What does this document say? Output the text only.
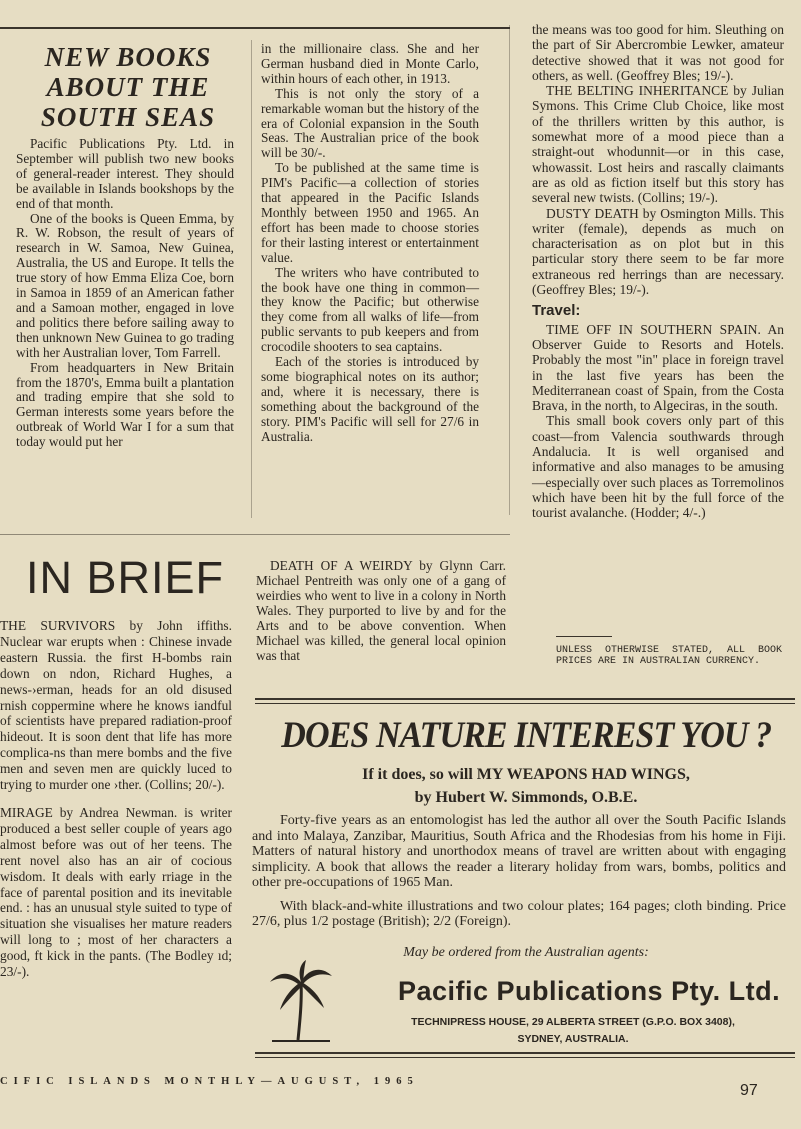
NEW BOOKS
ABOUT THE
SOUTH SEAS

Pacific Publications Pty. Ltd. in September will publish two new books of general-reader interest. They should be available in Islands bookshops by the end of that month.

One of the books is Queen Emma, by R. W. Robson, the result of years of research in W. Samoa, New Guinea, Australia, the US and Europe. It tells the true story of how Emma Eliza Coe, born in Samoa in 1859 of an American father and a Samoan mother, engaged in love and politics there before sailing away to then unknown New Guinea to go trading with her Australian lover, Tom Farrell.

From headquarters in New Britain from the 1870's, Emma built a plantation and trading empire that she sold to German interests some years before the outbreak of World War I for a sum that today would put her

in the millionaire class. She and her German husband died in Monte Carlo, within hours of each other, in 1913.

This is not only the story of a remarkable woman but the history of the era of Colonial expansion in the South Seas. The Australian price of the book will be 30/-.

To be published at the same time is PIM's Pacific—a collection of stories that appeared in the Pacific Islands Monthly between 1950 and 1965. An effort has been made to choose stories for their lasting interest or entertainment value.

The writers who have contributed to the book have one thing in common—they know the Pacific; but otherwise they come from all walks of life—from public servants to pub keepers and from crocodile shooters to sea captains.

Each of the stories is introduced by some biographical notes on its author; and, where it is necessary, there is something about the background of the story. PIM's Pacific will sell for 27/6 in Australia.

the means was too good for him. Sleuthing on the part of Sir Abercrombie Lewker, amateur detective showed that it was not good for others, as well. (Geoffrey Bles; 19/-).

THE BELTING INHERITANCE by Julian Symons. This Crime Club Choice, like most of the thrillers written by this author, is somewhat more of a mood piece than a straight-out whodunnit—or in this case, whowassit. Lost heirs and rascally claimants are as old as fiction itself but this story has several new twists. (Collins; 19/-).

DUSTY DEATH by Osmington Mills. This writer (female), depends as much on characterisation as on plot but in this particular story there seem to be far more extraneous red herrings than are necessary. (Geoffrey Bles; 19/-).

Travel:

TIME OFF IN SOUTHERN SPAIN. An Observer Guide to Resorts and Hotels. Probably the most "in" place in foreign travel in the last five years has been the Mediterranean coast of Spain, from the Costa Brava, in the north, to Algeciras, in the south.

This small book covers only part of this coast—from Valencia southwards through Andalucia. It is well organised and informative and also manages to be amusing—especially over such places as Torremolinos which have been hit by the full force of the tourist avalanche. (Hodder; 4/-.)

UNLESS OTHERWISE STATED, ALL BOOK PRICES ARE IN AUSTRALIAN CURRENCY.
IN BRIEF

THE SURVIVORS by John iffiths. Nuclear war erupts when : Chinese invade eastern Russia. the first H-bombs rain down on ndon, Richard Hughes, a news-›erman, heads for an old disused rnish coppermine where he knows iandful of scientists have prepared radiation-proof hideout. It is soon dent that life has more complica-ns than mere bombs and the five men and seven men are quickly luced to trying to murder one ›ther. (Collins; 20/-).

MIRAGE by Andrea Newman. is writer produced a best seller couple of years ago almost before was out of her teens. The rent novel also has an air of cocious wisdom. It deals with early rriage in the face of parental position and its inevitable end. : has an unusual style suited to type of situation she visualises her mature readers will long to ; most of her characters a good, ft kick in the pants. (The Bodley ıd; 23/-).

DEATH OF A WEIRDY by Glynn Carr. Michael Pentreith was only one of a gang of weirdies who went to live in a colony in North Wales. They purported to live by and for the Arts and to be above convention. When Michael was killed, the general local opinion was that

DOES NATURE INTEREST YOU ?
If it does, so will MY WEAPONS HAD WINGS,
by Hubert W. Simmonds, O.B.E.

Forty-five years as an entomologist has led the author all over the South Pacific Islands and into Malaya, Zanzibar, Mauritius, South Africa and the Rhodesias from his home in Fiji. Matters of natural history and unorthodox means of travel are written about with engaging simplicity. A book that allows the reader a literary holiday from wars, bombs, politics and other pre-occupations of 1965 Man.

With black-and-white illustrations and two colour plates; 164 pages; cloth binding. Price 27/6, plus 1/2 postage (British); 2/2 (Foreign).

May be ordered from the Australian agents:
Pacific Publications Pty. Ltd.
TECHNIPRESS HOUSE, 29 ALBERTA STREET (G.P.O. BOX 3408),
SYDNEY, AUSTRALIA.
CIFIC ISLANDS MONTHLY—AUGUST, 1965
97
